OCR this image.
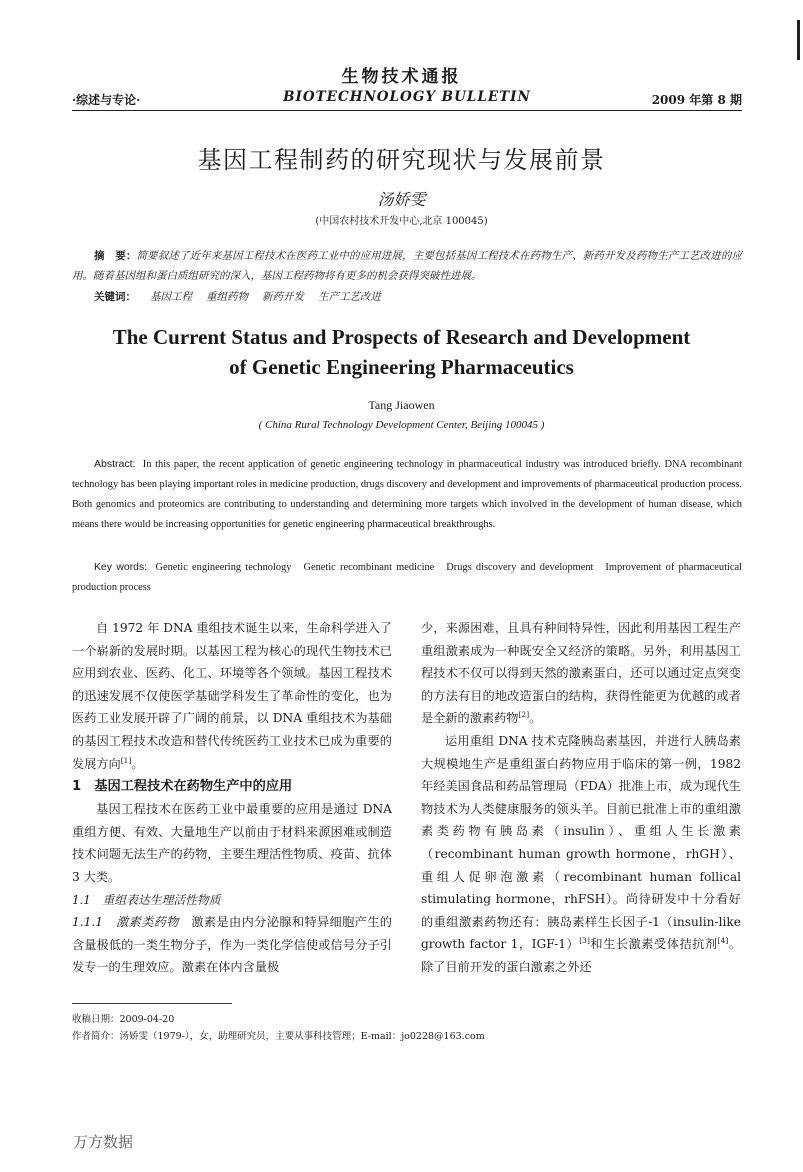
生物技术通报
·综述与专论·	BIOTECHNOLOGY BULLETIN	2009 年第 8 期
基因工程制药的研究现状与发展前景
汤娇雯
(中国农村技术开发中心,北京 100045)
摘　要：简要叙述了近年来基因工程技术在医药工业中的应用进展，主要包括基因工程技术在药物生产、新药开发及药物生产工艺改进的应用。随着基因组和蛋白质组研究的深入，基因工程药物将有更多的机会获得突破性进展。
关键词： 基因工程 重组药物 新药开发 生产工艺改进
The Current Status and Prospects of Research and Development
of Genetic Engineering Pharmaceutics
Tang Jiaowen
( China Rural Technology Development Center, Beijing 100045 )
Abstract: In this paper, the recent application of genetic engineering technology in pharmaceutical industry was introduced briefly. DNA recombinant technology has been playing important roles in medicine production, drugs discovery and development and improvements of pharmaceutical production process. Both genomics and proteomics are contributing to understanding and determining more targets which involved in the development of human disease, which means there would be increasing opportunities for genetic engineering pharmaceutical breakthroughs.
Key words: Genetic engineering technology Genetic recombinant medicine Drugs discovery and development Improvement of pharmaceutical production process

自 1972 年 DNA 重组技术诞生以来，生命科学进入了一个崭新的发展时期。以基因工程为核心的现代生物技术已应用到农业、医药、化工、环境等各个领域。基因工程技术的迅速发展不仅使医学基础学科发生了革命性的变化，也为医药工业发展开辟了广阔的前景，以 DNA 重组技术为基础的基因工程技术改造和替代传统医药工业技术已成为重要的发展方向[1]。

1　基因工程技术在药物生产中的应用

基因工程技术在医药工业中最重要的应用是通过 DNA 重组方便、有效、大量地生产以前由于材料来源困难或制造技术问题无法生产的药物，主要生理活性物质、疫苗、抗体 3 大类。

1.1　重组表达生理活性物质

1.1.1　激素类药物　激素是由内分泌腺和特异细胞产生的含量极低的一类生物分子，作为一类化学信使或信号分子引发专一的生理效应。激素在体内含量极

少，来源困难，且具有种间特异性，因此利用基因工程生产重组激素成为一种既安全又经济的策略。另外，利用基因工程技术不仅可以得到天然的激素蛋白，还可以通过定点突变的方法有目的地改造蛋白的结构，获得性能更为优越的或者是全新的激素药物[2]。

运用重组 DNA 技术克隆胰岛素基因，并进行人胰岛素大规模地生产是重组蛋白药物应用于临床的第一例，1982 年经美国食品和药品管理局（FDA）批准上市，成为现代生物技术为人类健康服务的领头羊。目前已批准上市的重组激素类药物有胰岛素（insulin）、重组人生长激素（recombinant human growth hormone，rhGH）、重组人促卵泡激素（recombinant human follical stimulating hormone，rhFSH）。尚待研发中十分看好的重组激素药物还有：胰岛素样生长因子-1（insulin-like growth factor 1，IGF-1）[3]和生长激素受体拮抗剂[4]。除了目前开发的蛋白激素之外还

收稿日期：2009-04-20
作者简介：汤娇雯（1979-），女，助理研究员，主要从事科技管理；E-mail：jo0228@163.com
万方数据
